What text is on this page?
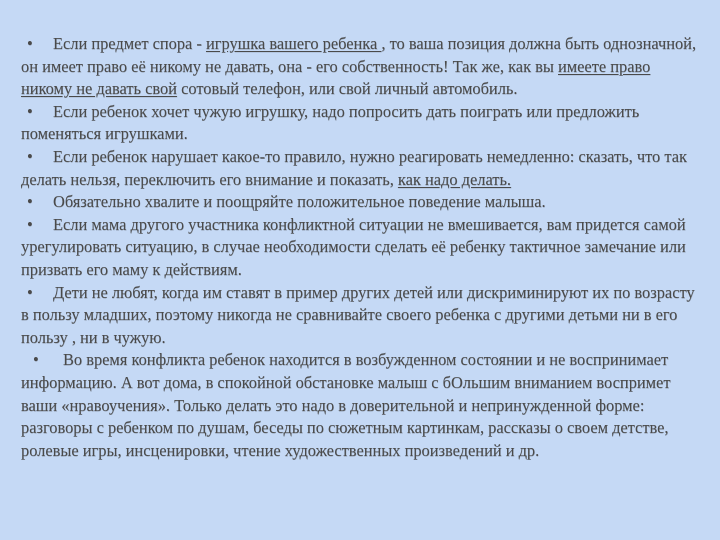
• Если предмет спора - игрушка вашего ребенка , то ваша позиция должна быть однозначной, он имеет право её никому не давать, она - его собственность! Так же, как вы имеете право никому не давать свой сотовый телефон, или свой личный автомобиль.

• Если ребенок хочет чужую игрушку, надо попросить дать поиграть или предложить поменяться игрушками.

• Если ребенок нарушает какое-то правило, нужно реагировать немедленно: сказать, что так делать нельзя, переключить его внимание и показать, как надо делать.

• Обязательно хвалите и поощряйте положительное поведение малыша.

• Если мама другого участника конфликтной ситуации не вмешивается, вам придется самой урегулировать ситуацию, в случае необходимости сделать её ребенку тактичное замечание или призвать его маму к действиям.

• Дети не любят, когда им ставят в пример других детей или дискриминируют их по возрасту в пользу младших, поэтому никогда не сравнивайте своего ребенка с другими детьми ни в его пользу , ни в чужую.

• Во время конфликта ребенок находится в возбужденном состоянии и не воспринимает информацию. А вот дома, в спокойной обстановке малыш с бОльшим вниманием воспримет ваши «нравоучения». Только делать это надо в доверительной и непринужденной форме: разговоры с ребенком по душам, беседы по сюжетным картинкам, рассказы о своем детстве, ролевые игры, инсценировки, чтение художественных произведений и др.
